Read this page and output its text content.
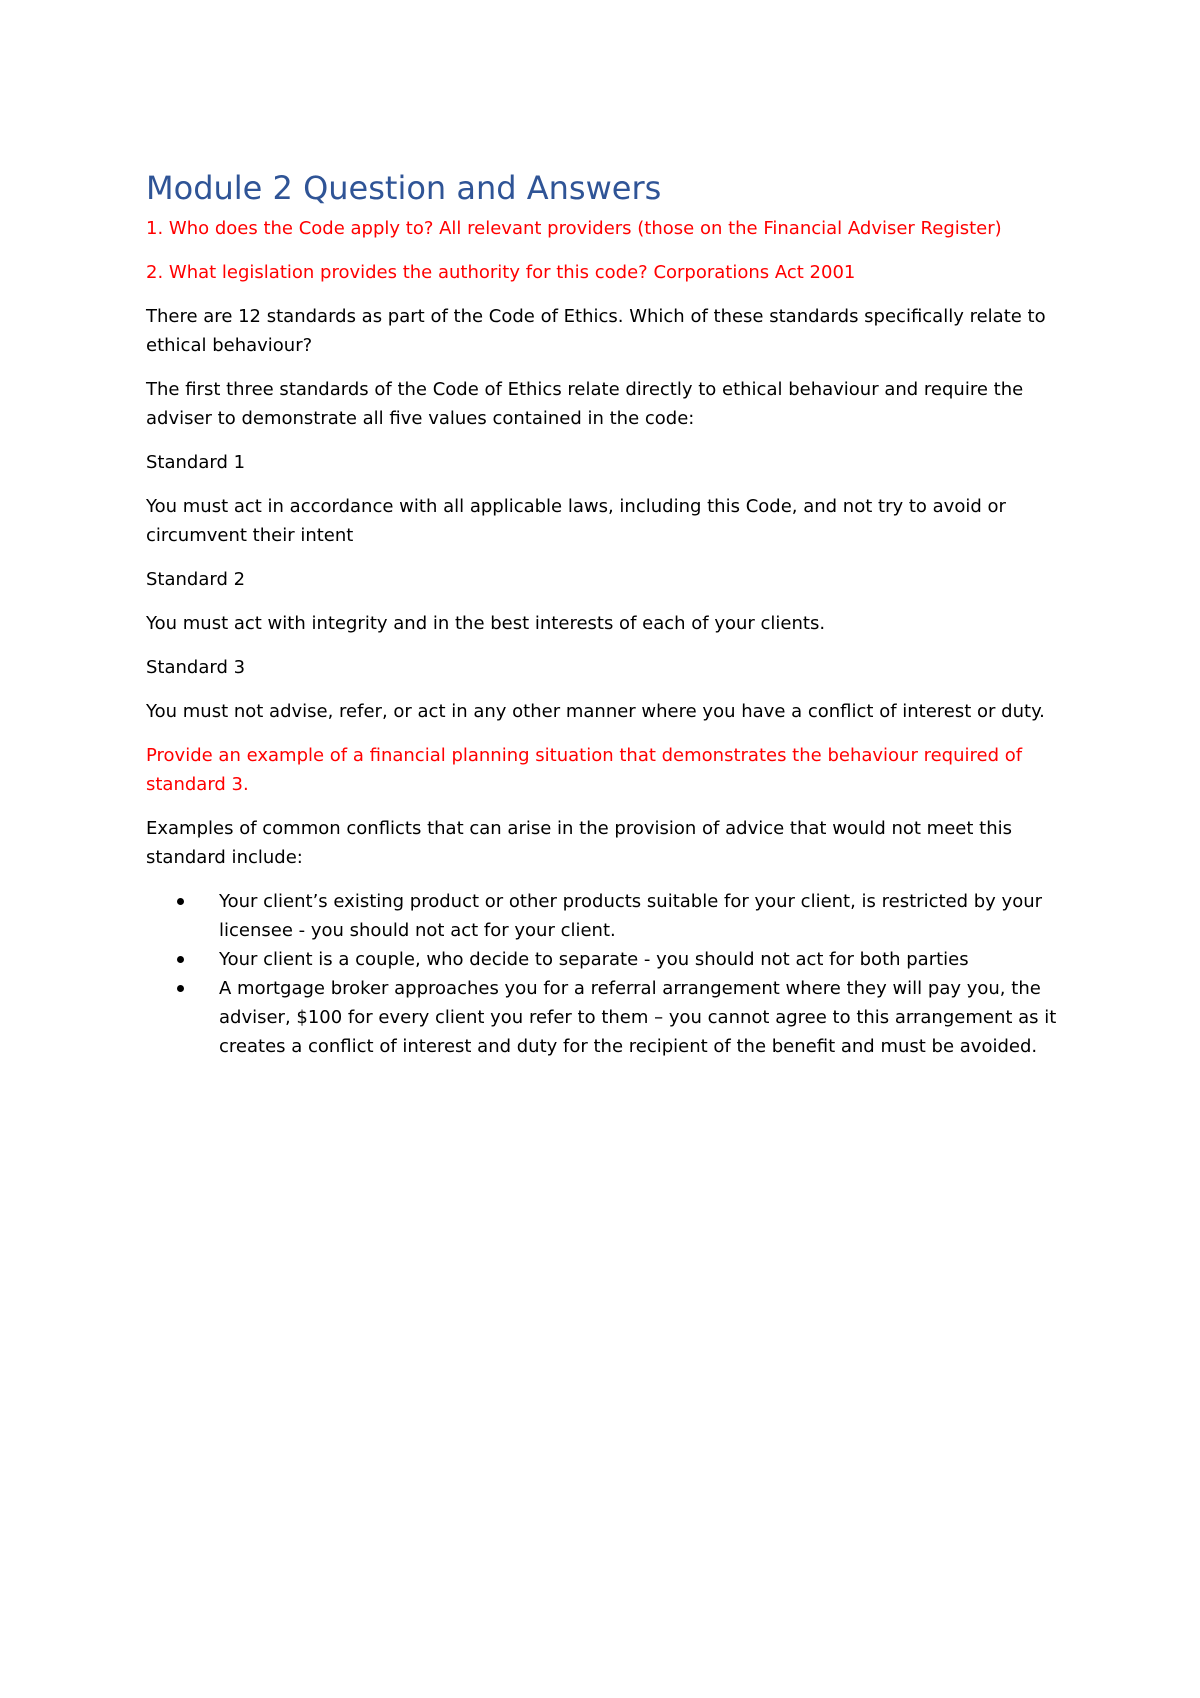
Module 2 Question and Answers

1. Who does the Code apply to? All relevant providers (those on the Financial Adviser Register)

2. What legislation provides the authority for this code? Corporations Act 2001

There are 12 standards as part of the Code of Ethics. Which of these standards specifically relate to ethical behaviour?

The first three standards of the Code of Ethics relate directly to ethical behaviour and require the adviser to demonstrate all five values contained in the code:

Standard 1

You must act in accordance with all applicable laws, including this Code, and not try to avoid or circumvent their intent

Standard 2

You must act with integrity and in the best interests of each of your clients.

Standard 3

You must not advise, refer, or act in any other manner where you have a conflict of interest or duty.

Provide an example of a financial planning situation that demonstrates the behaviour required of standard 3.

Examples of common conflicts that can arise in the provision of advice that would not meet this standard include:

Your client’s existing product or other products suitable for your client, is restricted by your licensee - you should not act for your client.
Your client is a couple, who decide to separate - you should not act for both parties
A mortgage broker approaches you for a referral arrangement where they will pay you, the adviser, $100 for every client you refer to them – you cannot agree to this arrangement as it creates a conflict of interest and duty for the recipient of the benefit and must be avoided.
